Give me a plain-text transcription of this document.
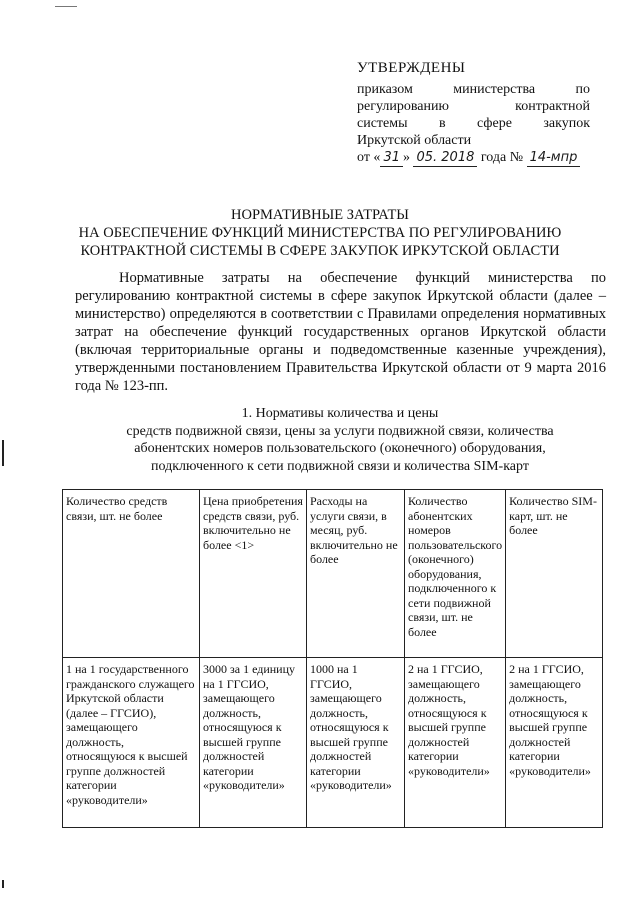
УТВЕРЖДЕНЫ
приказом министерства по
регулированию контрактной
системы в сфере закупок
Иркутской области
от « 31 » 05. 2018 года № 14-мпр
НОРМАТИВНЫЕ ЗАТРАТЫ
НА ОБЕСПЕЧЕНИЕ ФУНКЦИЙ МИНИСТЕРСТВА ПО РЕГУЛИРОВАНИЮ
КОНТРАКТНОЙ СИСТЕМЫ В СФЕРЕ ЗАКУПОК ИРКУТСКОЙ ОБЛАСТИ
Нормативные затраты на обеспечение функций министерства по регулированию контрактной системы в сфере закупок Иркутской области (далее – министерство) определяются в соответствии с Правилами определения нормативных затрат на обеспечение функций государственных органов Иркутской области (включая территориальные органы и подведомственные казенные учреждения), утвержденными постановлением Правительства Иркутской области от 9 марта 2016 года № 123-пп.
1. Нормативы количества и цены
средств подвижной связи, цены за услуги подвижной связи, количества
абонентских номеров пользовательского (оконечного) оборудования,
подключенного к сети подвижной связи и количества SIM-карт
Количество средств связи, шт. не более	Цена приобретения средств связи, руб. включительно не более <1>	Расходы на услуги связи, в месяц, руб. включительно не более	Количество абонентских номеров пользовательского (оконечного) оборудования, подключенного к сети подвижной связи, шт. не более	Количество SIM-карт, шт. не более
1 на 1 государственного гражданского служащего Иркутской области (далее – ГГСИО), замещающего должность, относящуюся к высшей группе должностей категории «руководители»	3000 за 1 единицу на 1 ГГСИО, замещающего должность, относящуюся к высшей группе должностей категории «руководители»	1000 на 1 ГГСИО, замещающего должность, относящуюся к высшей группе должностей категории «руководители»	2 на 1 ГГСИО, замещающего должность, относящуюся к высшей группе должностей категории «руководители»	2 на 1 ГГСИО, замещающего должность, относящуюся к высшей группе должностей категории «руководители»
